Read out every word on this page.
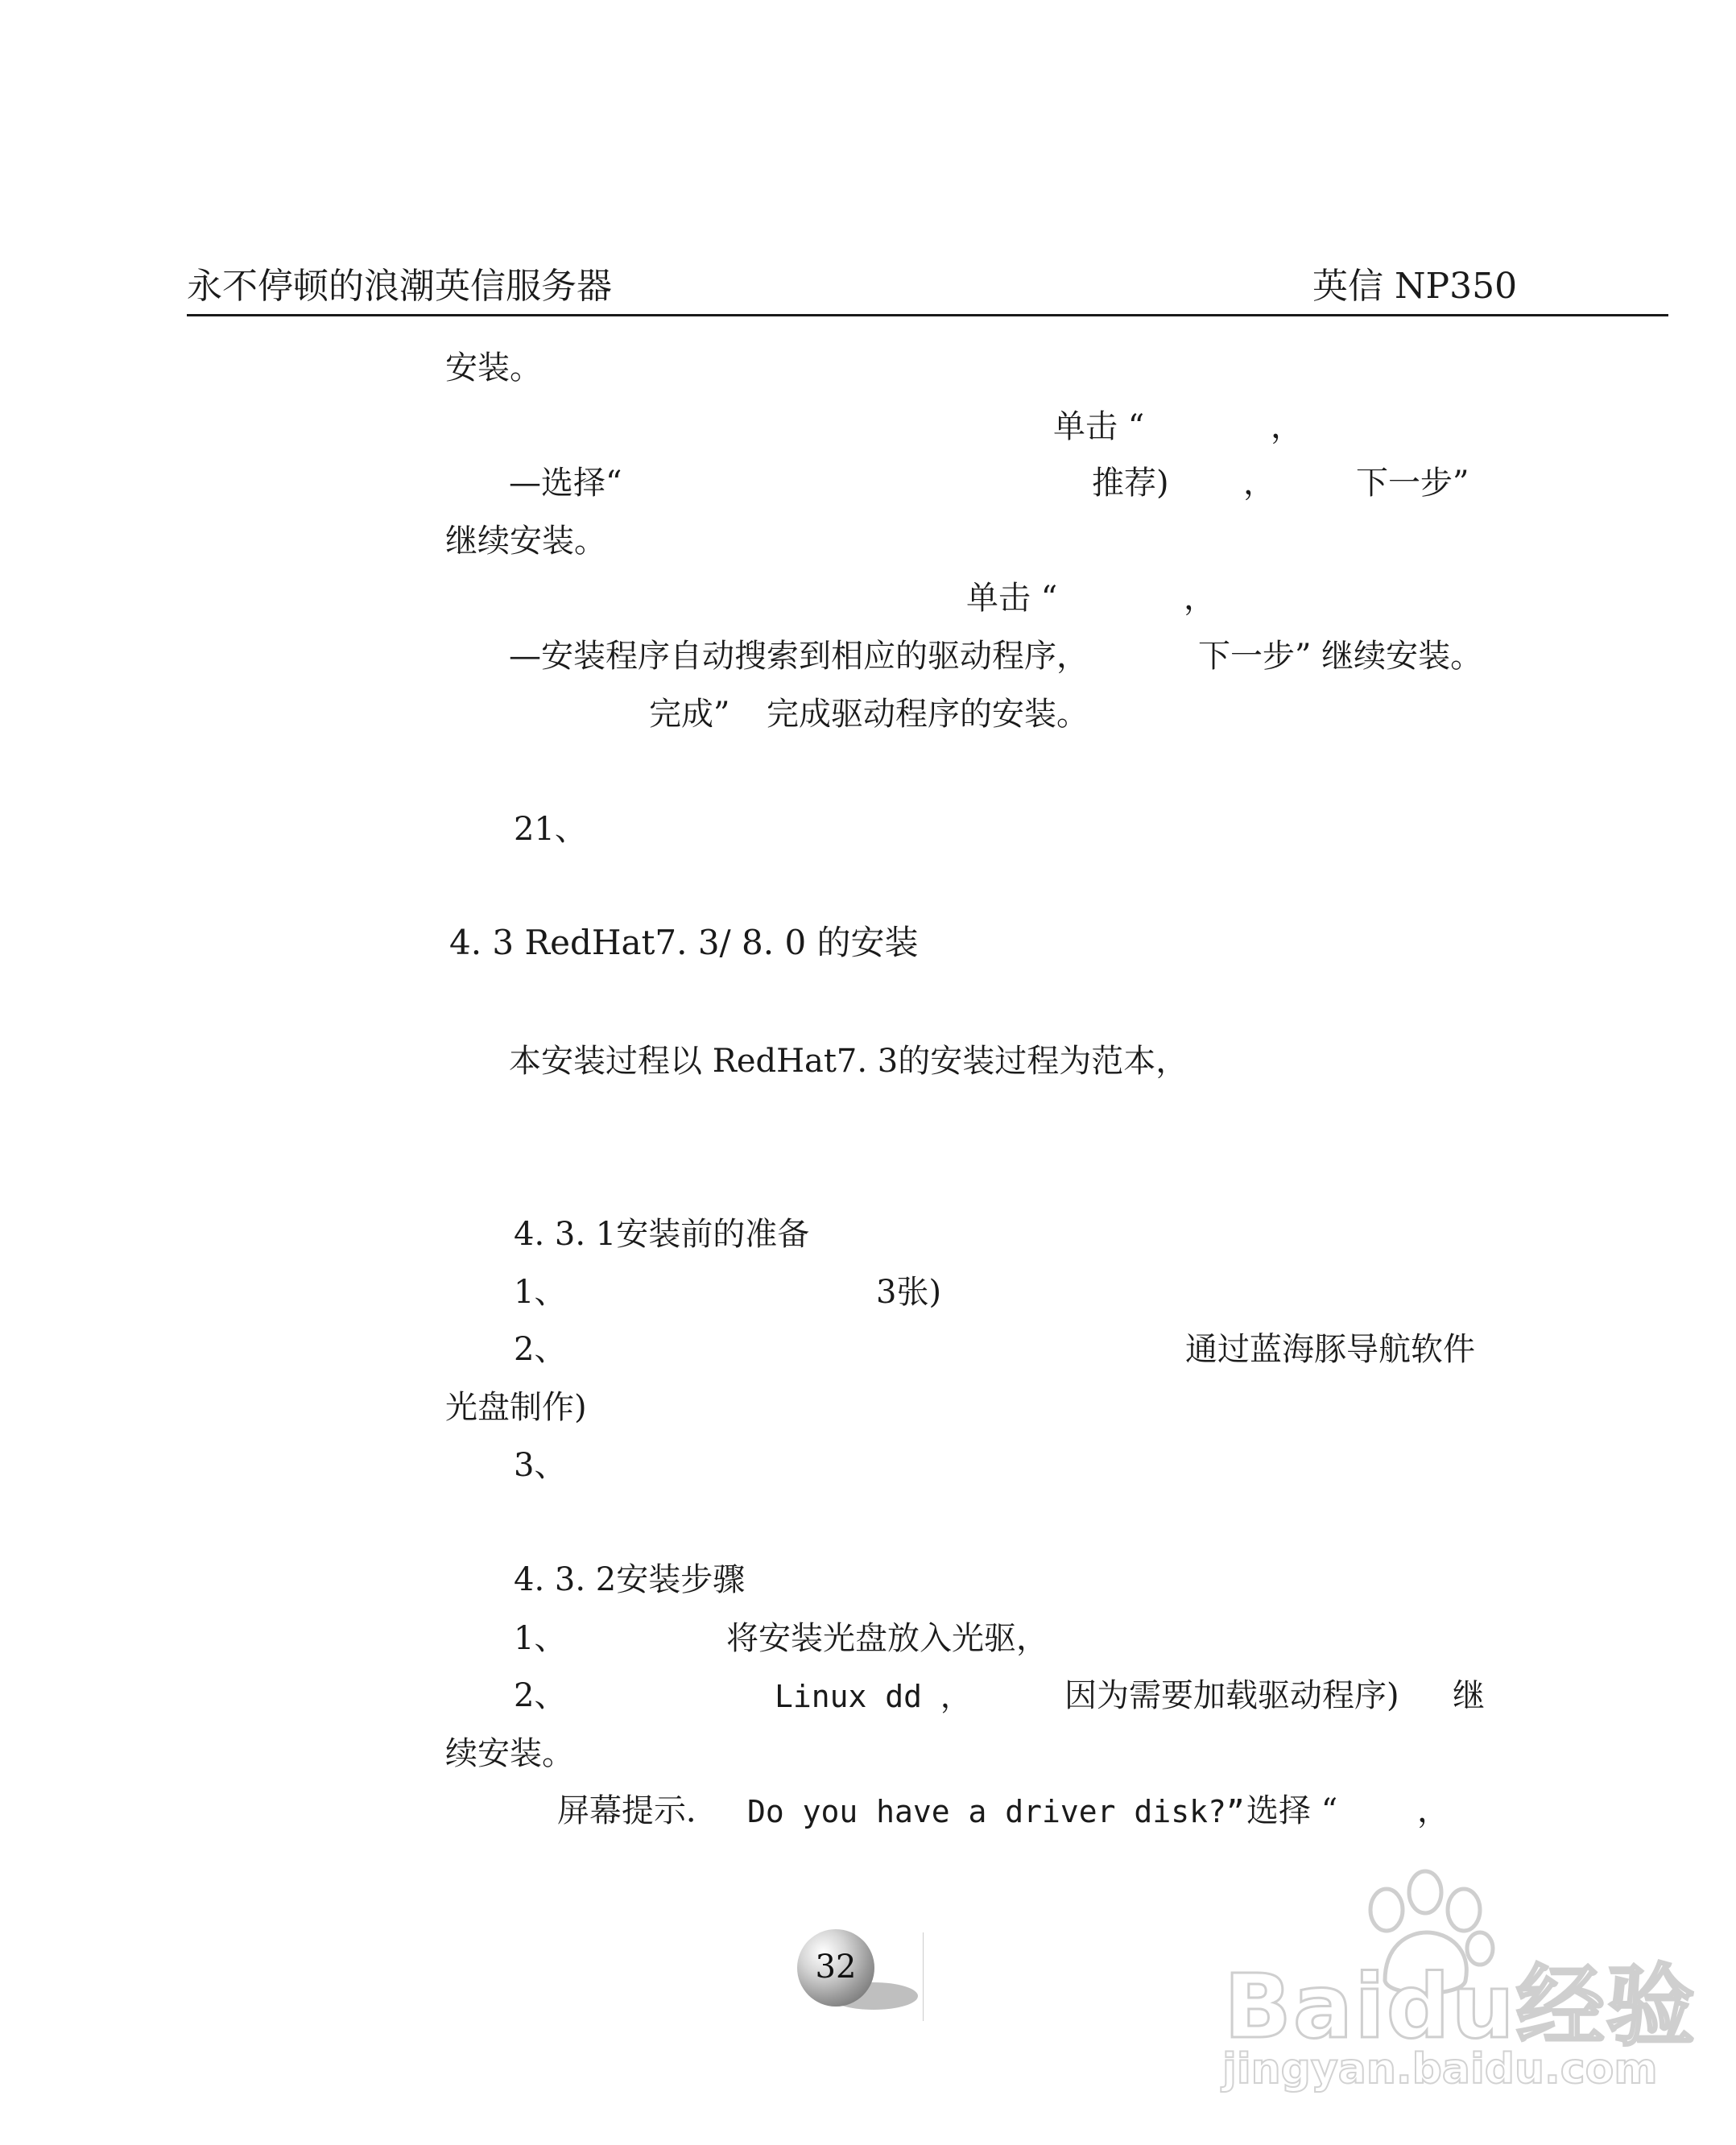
永不停顿的浪潮英信服务器	英信 NP350
安装。
单击 “	，
—选择“	推荐) ，	下一步”
继续安装。
单击 “	，
—安装程序自动搜索到相应的驱动程序，	下一步” 继续安装。
完成” 完成驱动程序的安装。
21、
4. 3 RedHat7. 3/ 8. 0 的安装
本安装过程以 RedHat7. 3的安装过程为范本，
4. 3. 1安装前的准备
1、	3张)
2、	通过蓝海豚导航软件
光盘制作)
3、
4. 3. 2安装步骤
1、	将安装光盘放入光驱，
2、	Linux dd ，	因为需要加载驱动程序) 继
续安装。
屏幕提示． Do you have a driver disk?” 选择 “ ，
32	Baidu经验
jingyan.baidu.com
